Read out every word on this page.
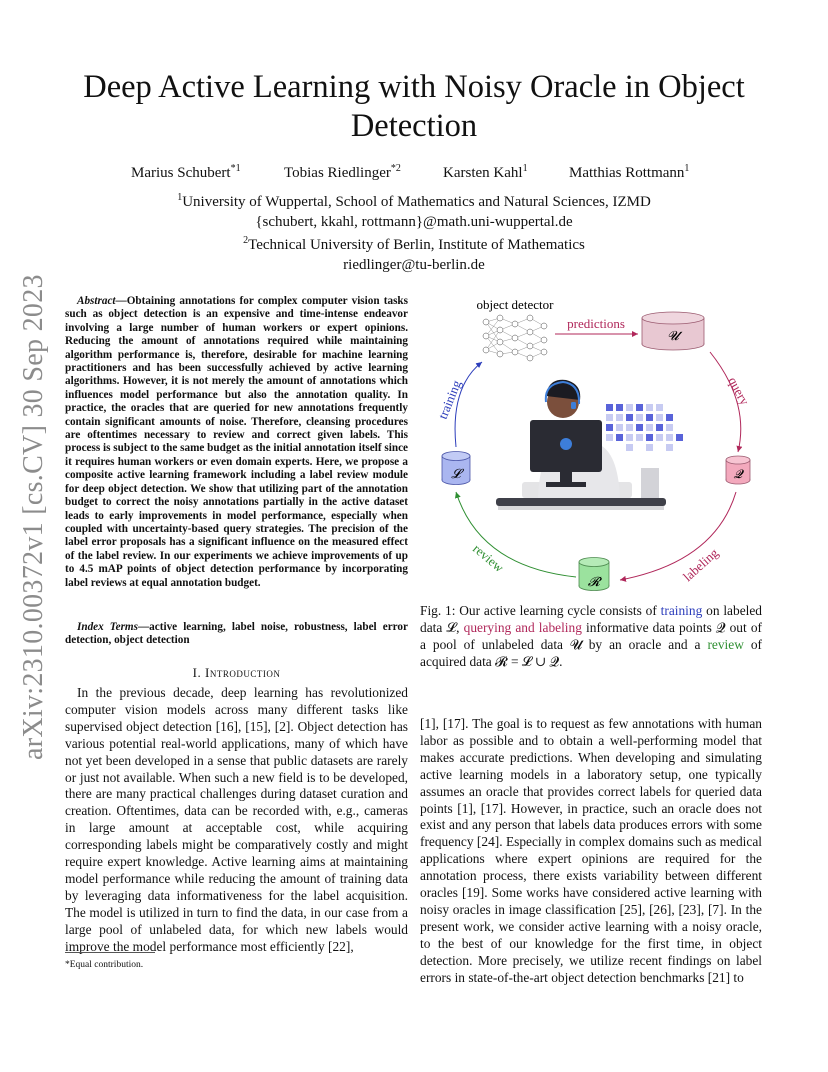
arXiv:2310.00372v1 [cs.CV] 30 Sep 2023
Deep Active Learning with Noisy Oracle in Object Detection
Marius Schubert$^{*1}$	Tobias Riedlinger$^{*2}$	Karsten Kahl$^1$	Matthias Rottmann$^1$
$^1$University of Wuppertal, School of Mathematics and Natural Sciences, IZMD
{schubert, kkahl, rottmann}@math.uni-wuppertal.de
$^2$Technical University of Berlin, Institute of Mathematics
riedlinger@tu-berlin.de
Abstract—Obtaining annotations for complex computer vision tasks such as object detection is an expensive and time-intense endeavor involving a large number of human workers or expert opinions. Reducing the amount of annotations required while maintaining algorithm performance is, therefore, desirable for machine learning practitioners and has been successfully achieved by active learning algorithms. However, it is not merely the amount of annotations which influences model performance but also the annotation quality. In practice, the oracles that are queried for new annotations frequently contain significant amounts of noise. Therefore, cleansing procedures are oftentimes necessary to review and correct given labels. This process is subject to the same budget as the initial annotation itself since it requires human workers or even domain experts. Here, we propose a composite active learning framework including a label review module for deep object detection. We show that utilizing part of the annotation budget to correct the noisy annotations partially in the active dataset leads to early improvements in model performance, especially when coupled with uncertainty-based query strategies. The precision of the label error proposals has a significant influence on the measured effect of the label review. In our experiments we achieve improvements of up to 4.5 mAP points of object detection performance by incorporating label reviews at equal annotation budget.
Index Terms—active learning, label noise, robustness, label error detection, object detection
I. Introduction
In the previous decade, deep learning has revolutionized computer vision models across many different tasks like supervised object detection [16], [15], [2]. Object detection has various potential real-world applications, many of which have not yet been developed in a sense that public datasets are rarely or just not available. When such a new field is to be developed, there are many practical challenges during dataset curation and creation. Oftentimes, data can be recorded with, e.g., cameras in large amount at acceptable cost, while acquiring corresponding labels might be comparatively costly and might require expert knowledge. Active learning aims at maintaining model performance while reducing the amount of training data by leveraging data informativeness for the label acquisition. The model is utilized in turn to find the data, in our case from a large pool of unlabeled data, for which new labels would improve the model performance most efficiently [22],
*Equal contribution.
object detector
predictions
𝓤
query
𝓠
labeling
𝓡
review
𝓛
training
Fig. 1: Our active learning cycle consists of training on labeled data 𝓛, querying and labeling informative data points 𝓠 out of a pool of unlabeled data 𝓤 by an oracle and a review of acquired data 𝓡 = 𝓛 ∪ 𝓠.
[1], [17]. The goal is to request as few annotations with human labor as possible and to obtain a well-performing model that makes accurate predictions. When developing and simulating active learning models in a laboratory setup, one typically assumes an oracle that provides correct labels for queried data points [1], [17]. However, in practice, such an oracle does not exist and any person that labels data produces errors with some frequency [24]. Especially in complex domains such as medical applications where expert opinions are required for the annotation process, there exists variability between different oracles [19]. Some works have considered active learning with noisy oracles in image classification [25], [26], [23], [7]. In the present work, we consider active learning with a noisy oracle, to the best of our knowledge for the first time, in object detection. More precisely, we utilize recent findings on label errors in state-of-the-art object detection benchmarks [21] to
